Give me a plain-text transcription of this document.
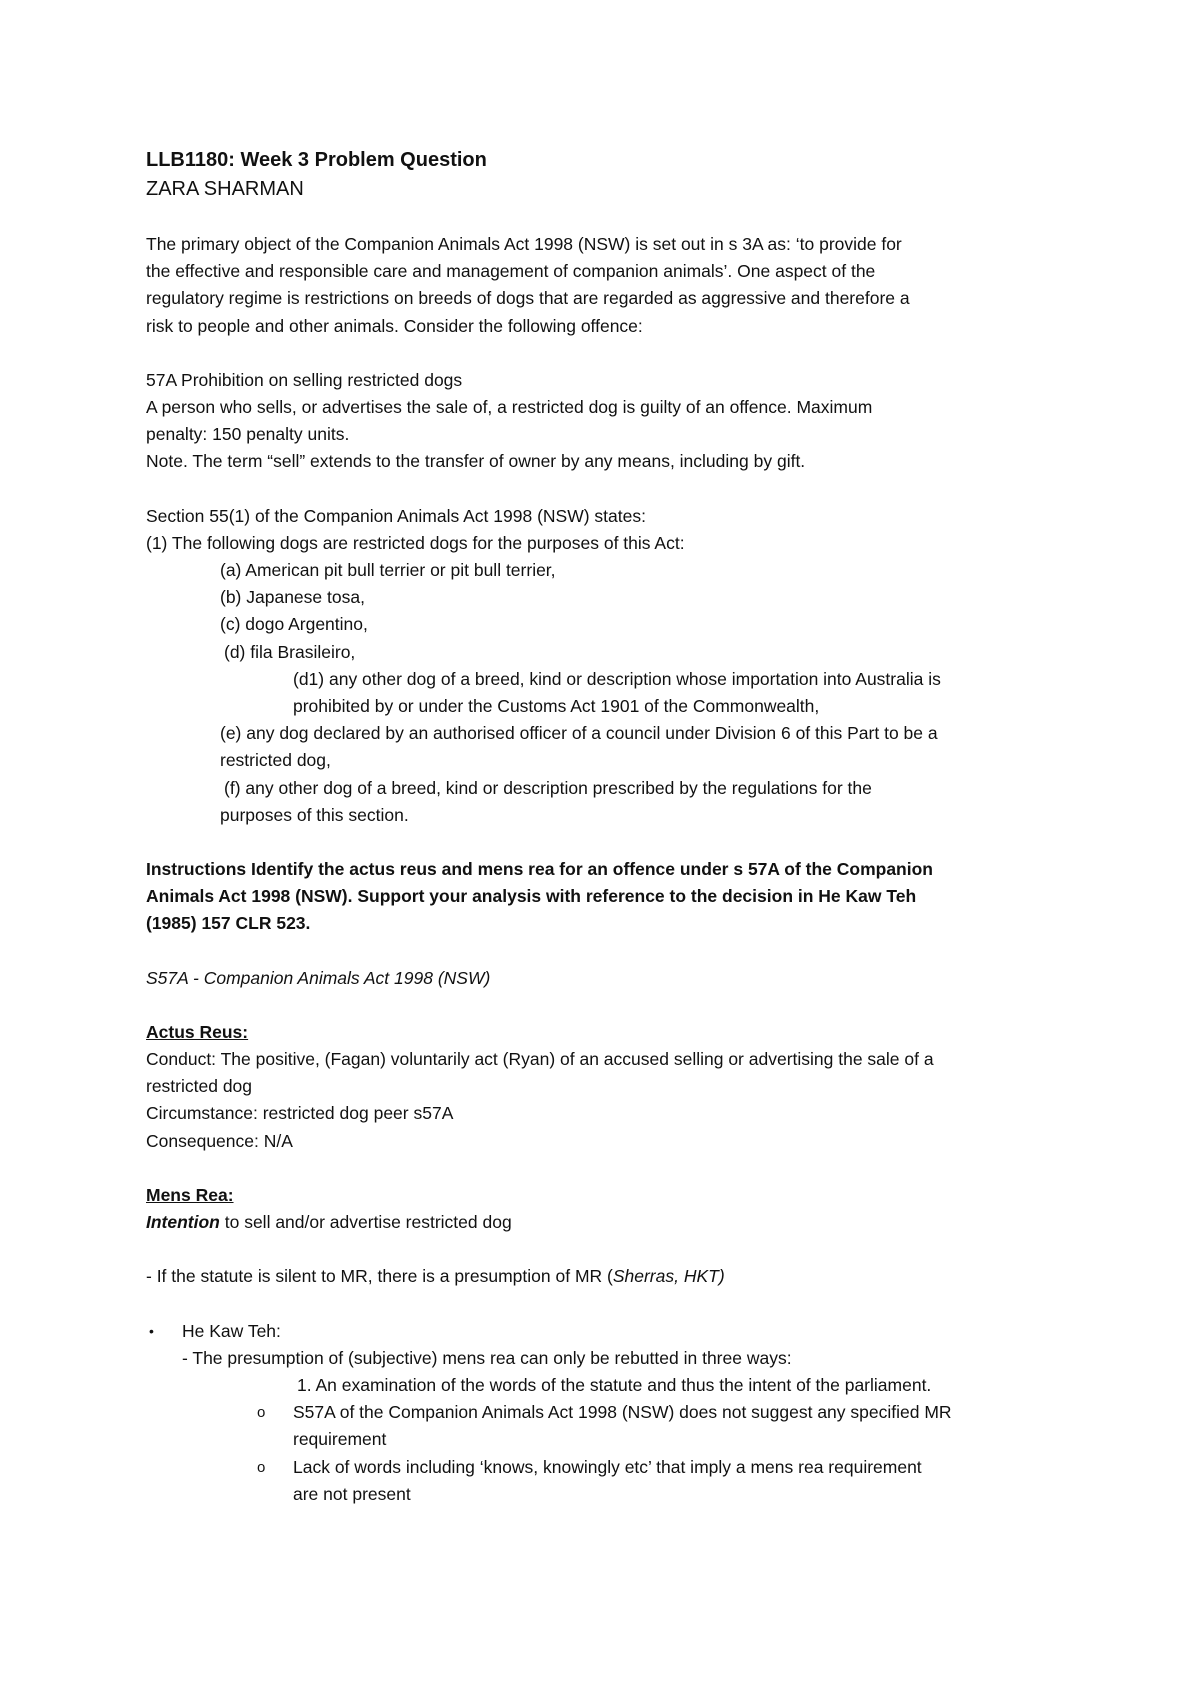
LLB1180: Week 3 Problem Question
ZARA SHARMAN
The primary object of the Companion Animals Act 1998 (NSW) is set out in s 3A as: ‘to provide for
the effective and responsible care and management of companion animals’. One aspect of the
regulatory regime is restrictions on breeds of dogs that are regarded as aggressive and therefore a
risk to people and other animals. Consider the following offence:
57A Prohibition on selling restricted dogs
A person who sells, or advertises the sale of, a restricted dog is guilty of an offence. Maximum
penalty: 150 penalty units.
Note. The term “sell” extends to the transfer of owner by any means, including by gift.
Section 55(1) of the Companion Animals Act 1998 (NSW) states:
(1) The following dogs are restricted dogs for the purposes of this Act:
(a) American pit bull terrier or pit bull terrier,
(b) Japanese tosa,
(c) dogo Argentino,
(d) fila Brasileiro,
(d1) any other dog of a breed, kind or description whose importation into Australia is
prohibited by or under the Customs Act 1901 of the Commonwealth,
(e) any dog declared by an authorised officer of a council under Division 6 of this Part to be a
restricted dog,
(f) any other dog of a breed, kind or description prescribed by the regulations for the
purposes of this section.
Instructions Identify the actus reus and mens rea for an offence under s 57A of the Companion
Animals Act 1998 (NSW). Support your analysis with reference to the decision in He Kaw Teh
(1985) 157 CLR 523.
S57A - Companion Animals Act 1998 (NSW)
Actus Reus:
Conduct: The positive, (Fagan) voluntarily act (Ryan) of an accused selling or advertising the sale of a
restricted dog
Circumstance: restricted dog peer s57A
Consequence: N/A
Mens Rea:
Intention to sell and/or advertise restricted dog
- If the statute is silent to MR, there is a presumption of MR (Sherras, HKT)
• He Kaw Teh:
- The presumption of (subjective) mens rea can only be rebutted in three ways:
1. An examination of the words of the statute and thus the intent of the parliament.
o S57A of the Companion Animals Act 1998 (NSW) does not suggest any specified MR
requirement
o Lack of words including ‘knows, knowingly etc’ that imply a mens rea requirement
are not present
